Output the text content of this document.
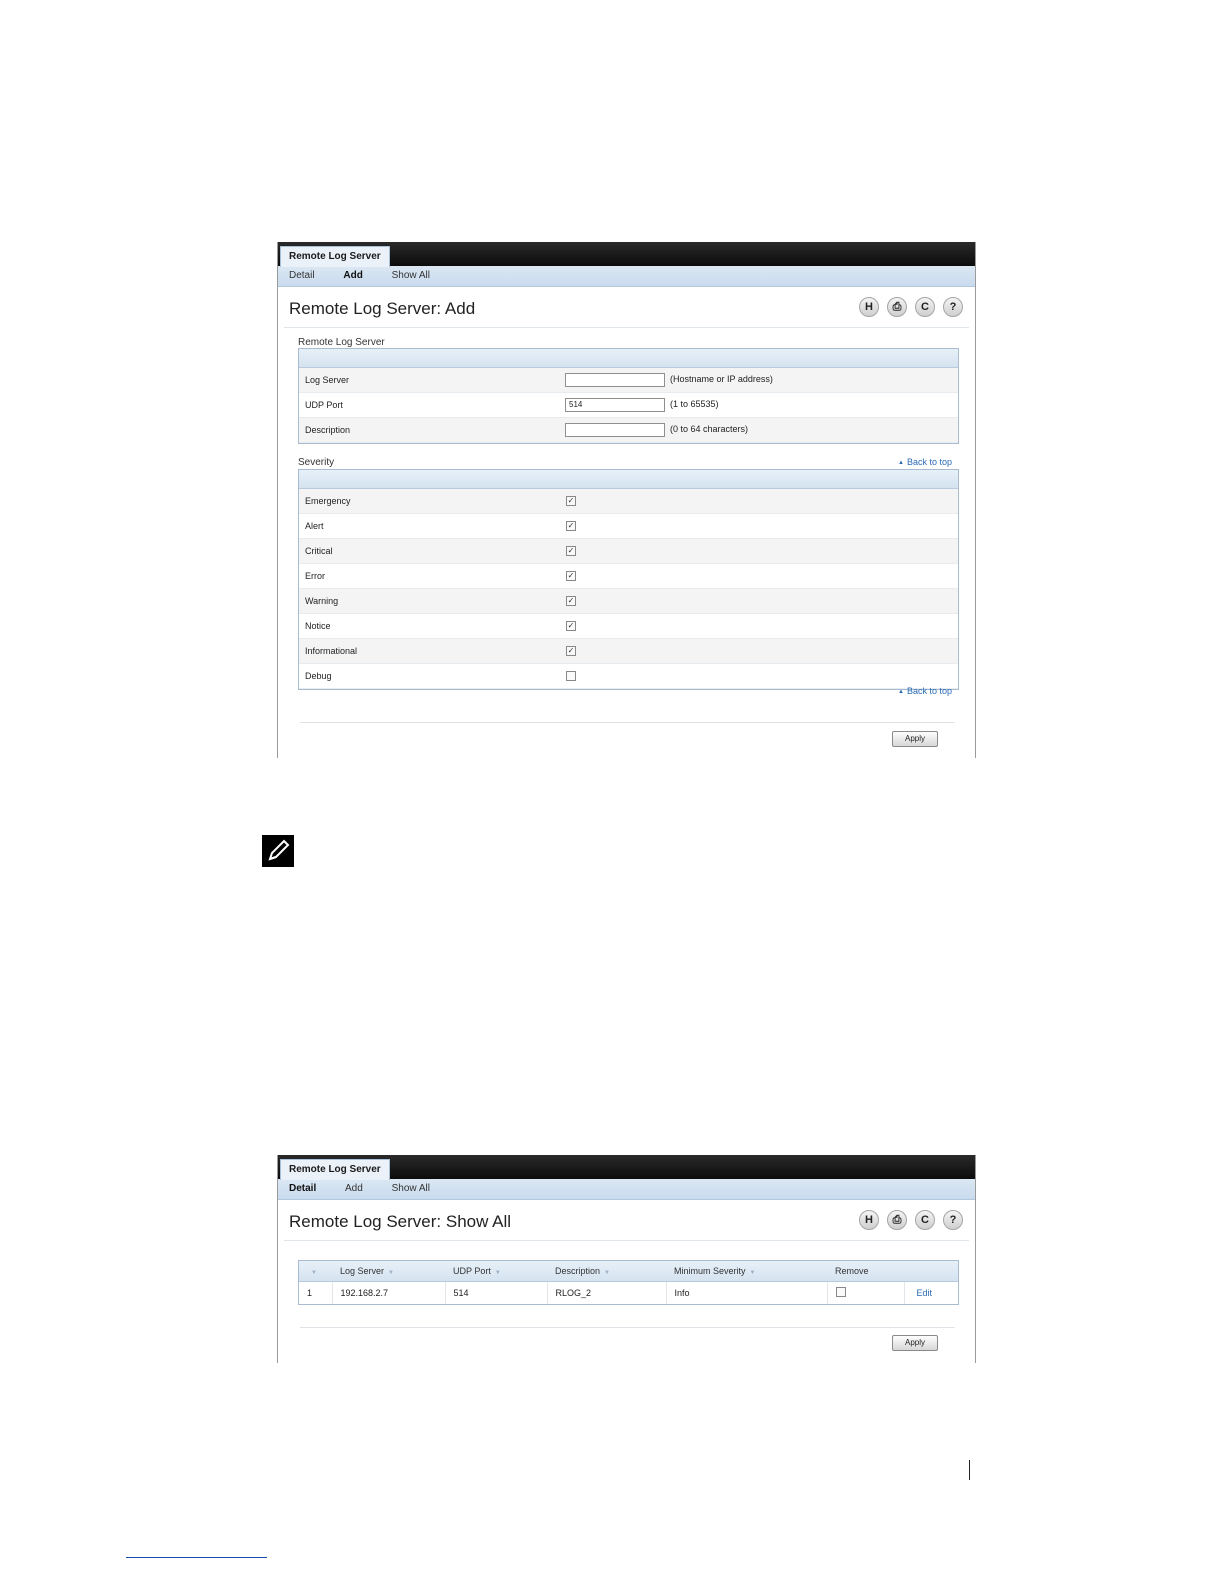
Remote Log Server
Detail	Add	Show All
Remote Log Server: Add	H	⎙	C	?
Remote Log Server
Log Server	(Hostname or IP address)
UDP Port	514	(1 to 65535)
Description	(0 to 64 characters)
Severity	▲ Back to top
Emergency	✓
Alert	✓
Critical	✓
Error	✓
Warning	✓
Notice	✓
Informational	✓
Debug
▲ Back to top
Apply
Remote Log Server
Detail	Add	Show All
Remote Log Server: Show All	H	⎙	C	?
▼	Log Server ▼	UDP Port ▼	Description ▼	Minimum Severity ▼	Remove	
1	192.168.2.7	514	RLOG_2	Info		Edit
Apply
